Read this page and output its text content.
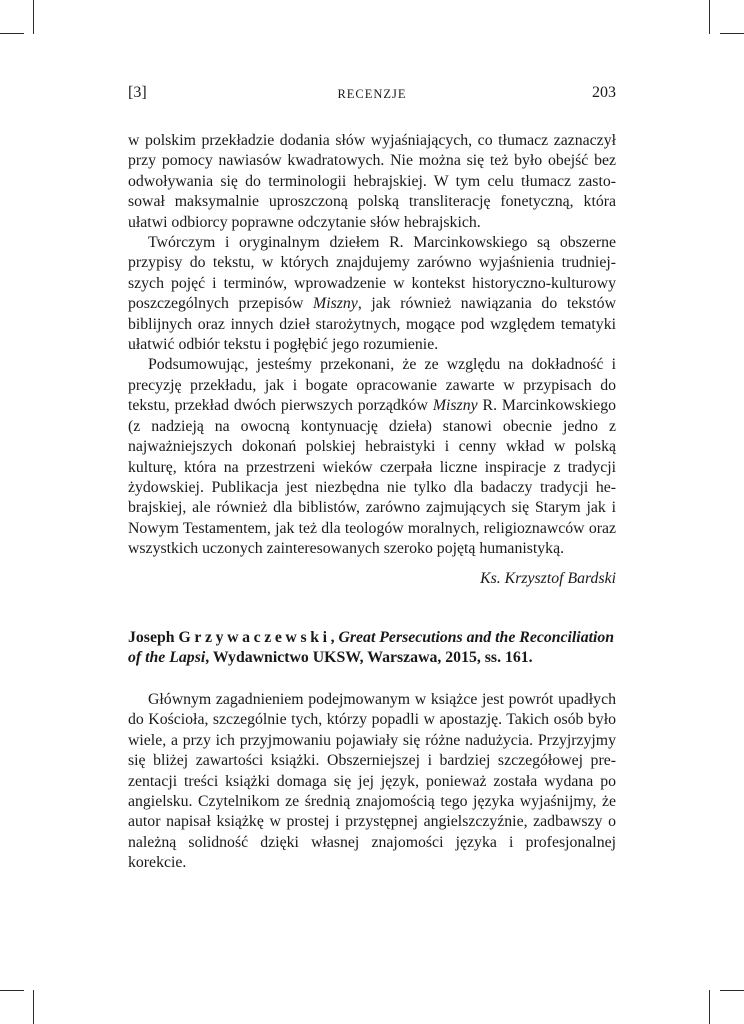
[3]	RECENZJE	203

w polskim przekładzie dodania słów wyjaśniających, co tłumacz zaznaczył przy pomocy nawiasów kwadratowych. Nie można się też było obejść bez odwoływania się do terminologii hebrajskiej. W tym celu tłumacz zastosował maksymalnie uproszczoną polską transliterację fonetyczną, która ułatwi odbiorcy poprawne odczytanie słów hebrajskich.

Twórczym i oryginalnym dziełem R. Marcinkowskiego są obszerne przypisy do tekstu, w których znajdujemy zarówno wyjaśnienia trudniejszych pojęć i terminów, wprowadzenie w kontekst historyczno-kulturowy poszczególnych przepisów Miszny, jak również nawiązania do tekstów biblijnych oraz innych dzieł starożytnych, mogące pod względem tematyki ułatwić odbiór tekstu i pogłębić jego rozumienie.

Podsumowując, jesteśmy przekonani, że ze względu na dokładność i precyzję przekładu, jak i bogate opracowanie zawarte w przypisach do tekstu, przekład dwóch pierwszych porządków Miszny R. Marcinkowskiego (z nadzieją na owocną kontynuację dzieła) stanowi obecnie jedno z najważniejszych dokonań polskiej hebraistyki i cenny wkład w polską kulturę, która na przestrzeni wieków czerpała liczne inspiracje z tradycji żydowskiej. Publikacja jest niezbędna nie tylko dla badaczy tradycji hebrajskiej, ale również dla biblistów, zarówno zajmujących się Starym jak i Nowym Testamentem, jak też dla teologów moralnych, religioznawców oraz wszystkich uczonych zainteresowanych szeroko pojętą humanistyką.

Ks. Krzysztof Bardski
Joseph Grzywaczewski, Great Persecutions and the Reconciliation of the Lapsi, Wydawnictwo UKSW, Warszawa, 2015, ss. 161.

Głównym zagadnieniem podejmowanym w książce jest powrót upadłych do Kościoła, szczególnie tych, którzy popadli w apostazję. Takich osób było wiele, a przy ich przyjmowaniu pojawiały się różne nadużycia. Przyjrzyjmy się bliżej zawartości książki. Obszerniejszej i bardziej szczegółowej prezentacji treści książki domaga się jej język, ponieważ została wydana po angielsku. Czytelnikom ze średnią znajomością tego języka wyjaśnijmy, że autor napisał książkę w prostej i przystępnej angielszczyźnie, zadbawszy o należną solidność dzięki własnej znajomości języka i profesjonalnej korekcie.
